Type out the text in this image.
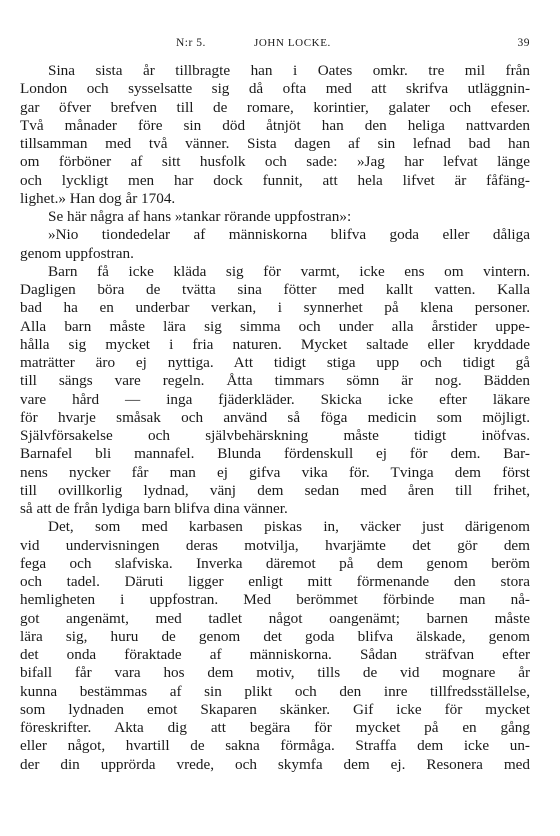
N:r 5.	JOHN LOCKE.	39
Sina sista år tillbragte han i Oates omkr. tre mil från
London och sysselsatte sig då ofta med att skrifva utläggnin-
gar öfver brefven till de romare, korintier, galater och efeser.
Två månader före sin död åtnjöt han den heliga nattvarden
tillsamman med två vänner. Sista dagen af sin lefnad bad han
om förböner af sitt husfolk och sade: »Jag har lefvat länge
och lyckligt men har dock funnit, att hela lifvet är fåfäng-
lighet.» Han dog år 1704.
Se här några af hans »tankar rörande uppfostran»:
»Nio tiondedelar af människorna blifva goda eller dåliga
genom uppfostran.
Barn få icke kläda sig för varmt, icke ens om vintern.
Dagligen böra de tvätta sina fötter med kallt vatten. Kalla
bad ha en underbar verkan, i synnerhet på klena personer.
Alla barn måste lära sig simma och under alla årstider uppe-
hålla sig mycket i fria naturen. Mycket saltade eller kryddade
maträtter äro ej nyttiga. Att tidigt stiga upp och tidigt gå
till sängs vare regeln. Åtta timmars sömn är nog. Bädden
vare hård — inga fjäderkläder. Skicka icke efter läkare
för hvarje småsak och använd så föga medicin som möjligt.
Självförsakelse och självbehärskning måste tidigt inöfvas.
Barnafel bli mannafel. Blunda fördenskull ej för dem. Bar-
nens nycker får man ej gifva vika för. Tvinga dem först
till ovillkorlig lydnad, vänj dem sedan med åren till frihet,
så att de från lydiga barn blifva dina vänner.
Det, som med karbasen piskas in, väcker just därigenom
vid undervisningen deras motvilja, hvarjämte det gör dem
fega och slafviska. Inverka däremot på dem genom beröm
och tadel. Däruti ligger enligt mitt förmenande den stora
hemligheten i uppfostran. Med berömmet förbinde man nå-
got angenämt, med tadlet något oangenämt; barnen måste
lära sig, huru de genom det goda blifva älskade, genom
det onda föraktade af människorna. Sådan sträfvan efter
bifall får vara hos dem motiv, tills de vid mognare år
kunna bestämmas af sin plikt och den inre tillfredsställelse,
som lydnaden emot Skaparen skänker. Gif icke för mycket
föreskrifter. Akta dig att begära för mycket på en gång
eller något, hvartill de sakna förmåga. Straffa dem icke un-
der din upprörda vrede, och skymfa dem ej. Resonera med
